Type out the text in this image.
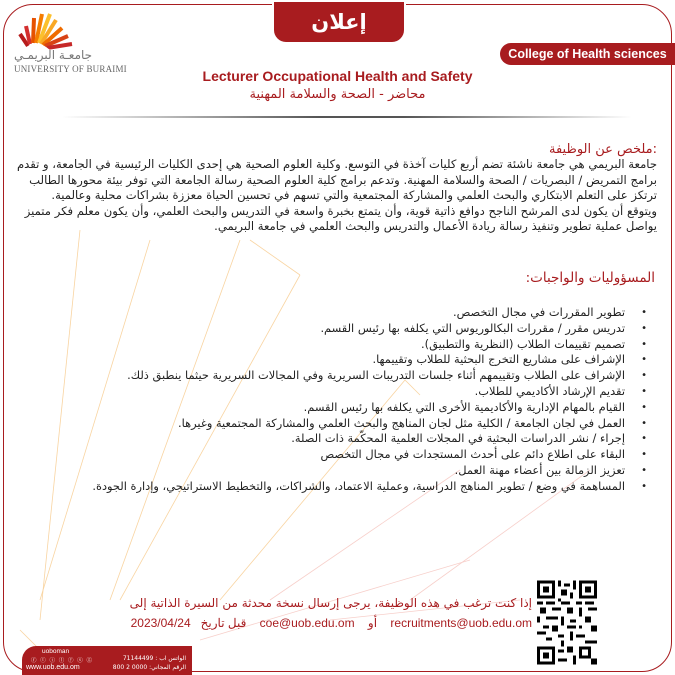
جامعـة البريمـي
UNIVERSITY OF BURAIMI
إعلان وظيفة	College of Health sciences
Lecturer Occupational Health and Safety
محاضر - الصحة والسلامة المهنية
:ملخص عن الوظيفة

جامعة البريمي هي جامعة ناشئة تضم أربع كليات آخذة في التوسع. وكلية العلوم الصحية هي إحدى الكليات الرئيسية في الجامعة، و تقدم برامج التمريض / البصريات / الصحة والسلامة المهنية. وتدعم برامج كلية العلوم الصحية رسالة الجامعة التي توفر بيئة محورها الطالب ترتكز على التعلم الابتكاري والبحث العلمي والمشاركة المجتمعية والتي تسهم في تحسين الحياة معززة بشراكات محلية وعالمية.

ويتوقع أن يكون لدى المرشح الناجح دوافع ذاتية قوية، وأن يتمتع بخبرة واسعة في التدريس والبحث العلمي، وأن يكون معلم فكر متميز يواصل عملية تطوير وتنفيذ رسالة ريادة الأعمال والتدريس والبحث العلمي في جامعة البريمي.

المسؤوليات والواجبات:
•
تطوير المقررات في مجال التخصص.
•
تدريس مقرر / مقررات البكالوريوس التي يكلفه بها رئيس القسم.
•
تصميم تقييمات الطلاب (النظرية والتطبيق).
•
الإشراف على مشاريع التخرج البحثية للطلاب وتقييمها.
•
الإشراف على الطلاب وتقييمهم أثناء جلسات التدريبات السريرية وفي المجالات السريرية حيثما ينطبق ذلك.
•
تقديم الإرشاد الأكاديمي للطلاب.
•
القيام بالمهام الإدارية والأكاديمية الأخرى التي يكلفه بها رئيس القسم.
•
العمل في لجان الجامعة / الكلية مثل لجان المناهج والبحث العلمي والمشاركة المجتمعية وغيرها.
•
إجراء / نشر الدراسات البحثية في المجلات العلمية المحكّمة ذات الصلة.
•
البقاء على اطلاع دائم على أحدث المستجدات في مجال التخصص
•
تعزيز الزمالة بين أعضاء مهنة العمل.
•
المساهمة في وضع / تطوير المناهج الدراسية، وعملية الاعتماد، والشراكات، والتخطيط الاستراتيجي، وإدارة الجودة.
إذا كنت ترغب في هذه الوظيفة، يرجى إرسال نسخة محدثة من السيرة الذاتية إلى
recruitments@uob.edu.om أو coe@uob.edu.om قبل تاريخ2023/04/24
uoboman
ⓕ ⓣ ⓘ ⓛ ⓨ ⓢ ⓖ
www.uob.edu.om
الواتس اب : 71144499
الرقم المجاني: 0000 2 800
